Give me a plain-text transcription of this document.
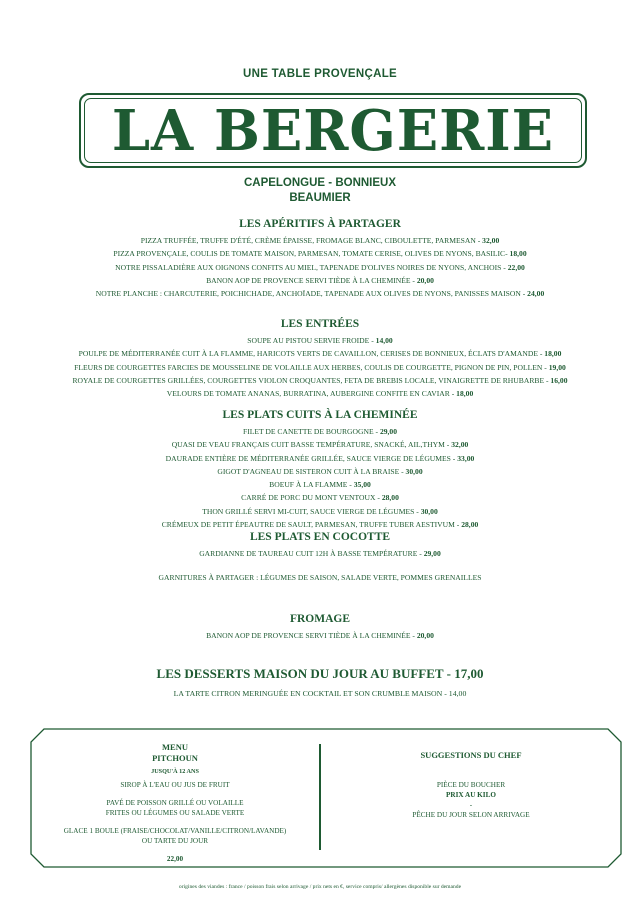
UNE TABLE PROVENÇALE
LA BERGERIE
CAPELONGUE - BONNIEUX
BEAUMIER
LES APÉRITIFS À PARTAGER
PIZZA TRUFFÉE, TRUFFE D'ÉTÉ, CRÈME ÉPAISSE, FROMAGE BLANC, CIBOULETTE, PARMESAN - 32,00
PIZZA PROVENÇALE, COULIS DE TOMATE MAISON, PARMESAN, TOMATE CERISE, OLIVES DE NYONS, BASILIC- 18,00
NOTRE PISSALADIÈRE AUX OIGNONS CONFITS AU MIEL, TAPENADE D'OLIVES NOIRES DE NYONS, ANCHOIS - 22,00
BANON AOP DE PROVENCE SERVI TIÈDE À LA CHEMINÉE - 20,00
NOTRE PLANCHE : CHARCUTERIE, POICHICHADE, ANCHOÏADE, TAPENADE AUX OLIVES DE NYONS, PANISSES MAISON - 24,00
LES ENTRÉES
SOUPE AU PISTOU SERVIE FROIDE - 14,00
POULPE DE MÉDITERRANÉE CUIT À LA FLAMME, HARICOTS VERTS DE CAVAILLON, CERISES DE BONNIEUX, ÉCLATS D'AMANDE - 18,00
FLEURS DE COURGETTES FARCIES DE MOUSSELINE DE VOLAILLE AUX HERBES, COULIS DE COURGETTE, PIGNON DE PIN, POLLEN - 19,00
ROYALE DE COURGETTES GRILLÉES, COURGETTES VIOLON CROQUANTES, FETA DE BREBIS LOCALE, VINAIGRETTE DE RHUBARBE - 16,00
VELOURS DE TOMATE ANANAS, BURRATINA, AUBERGINE CONFITE EN CAVIAR - 18,00
LES PLATS CUITS À LA CHEMINÉE
FILET DE CANETTE DE BOURGOGNE - 29,00
QUASI DE VEAU FRANÇAIS CUIT BASSE TEMPÉRATURE, SNACKÉ, AIL,THYM - 32,00
DAURADE ENTIÈRE DE MÉDITERRANÉE GRILLÉE, SAUCE VIERGE DE LÉGUMES - 33,00
GIGOT D'AGNEAU DE SISTERON CUIT À LA BRAISE - 30,00
BOEUF À LA FLAMME - 35,00
CARRÉ DE PORC DU MONT VENTOUX - 28,00
THON GRILLÉ SERVI MI-CUIT, SAUCE VIERGE DE LÉGUMES - 30,00
CRÉMEUX DE PETIT ÉPEAUTRE DE SAULT, PARMESAN, TRUFFE TUBER AESTIVUM - 28,00
LES PLATS EN COCOTTE
GARDIANNE DE TAUREAU CUIT 12H À BASSE TEMPÉRATURE - 29,00
GARNITURES À PARTAGER : LÉGUMES DE SAISON, SALADE VERTE, POMMES GRENAILLES
FROMAGE
BANON AOP DE PROVENCE SERVI TIÈDE À LA CHEMINÉE - 20,00
LES DESSERTS MAISON DU JOUR AU BUFFET - 17,00
LA TARTE CITRON MERINGUÉE EN COCKTAIL ET SON CRUMBLE MAISON - 14,00
MENU
PITCHOUN
JUSQU'À 12 ANS
SIROP À L'EAU OU JUS DE FRUIT
PAVÉ DE POISSON GRILLÉ OU VOLAILLE
FRITES OU LÉGUMES OU SALADE VERTE
GLACE 1 BOULE (FRAISE/CHOCOLAT/VANILLE/CITRON/LAVANDE)
OU TARTE DU JOUR
22,00
SUGGESTIONS DU CHEF
PIÈCE DU BOUCHER
PRIX AU KILO
-
PÊCHE DU JOUR SELON ARRIVAGE
origines des viandes : france / poisson frais selon arrivage / prix nets en €, service compris/ allergènes disponible sur demande
